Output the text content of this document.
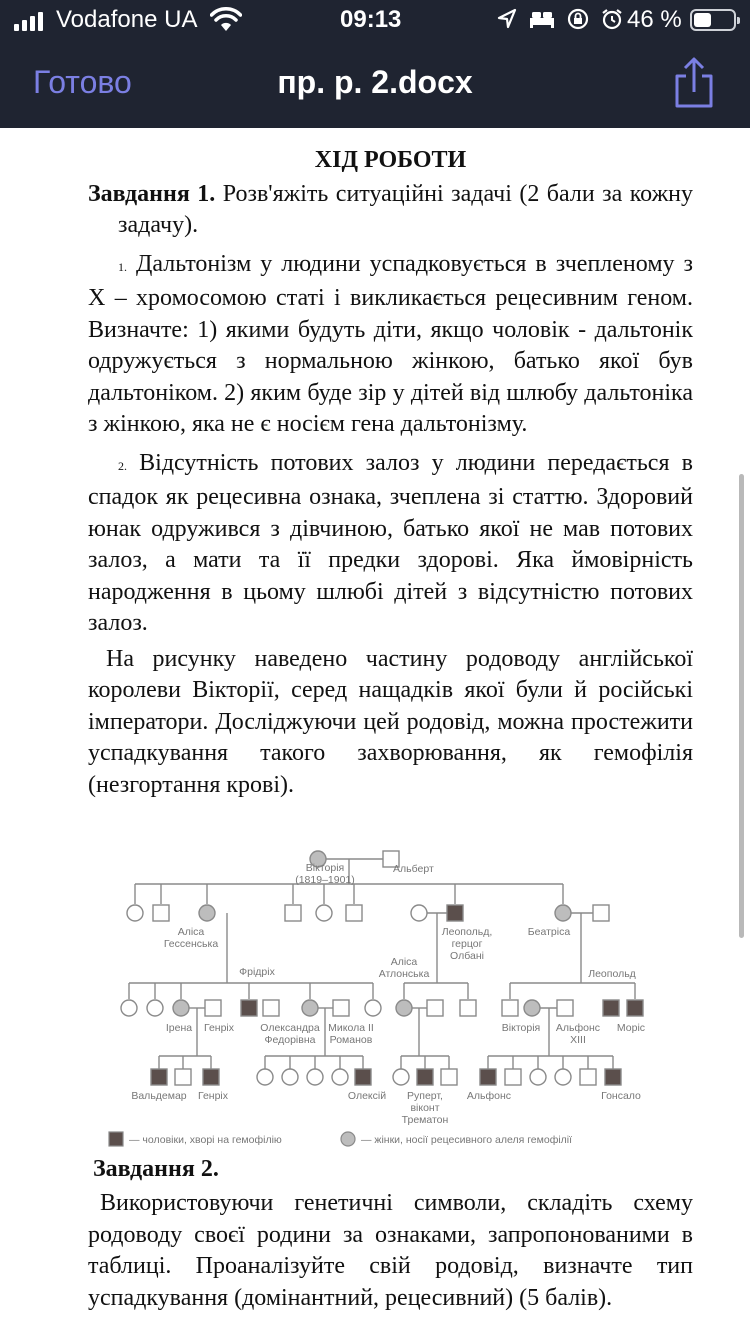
Vodafone UA	09:13	46 %
Готово	пр. р. 2.docx
ХІД РОБОТИ

Завдання 1. Розв'яжіть ситуаційні задачі (2 бали за кожну задачу).

1. Дальтонізм у людини успадковується в зчепленому з Х – хромосомою статі і викликається рецесивним геном. Визначте: 1) якими будуть діти, якщо чоловік - дальтонік одружується з нормальною жінкою, батько якої був дальтоніком. 2) яким буде зір у дітей від шлюбу дальтоніка з жінкою, яка не є носієм гена дальтонізму.

2. Відсутність потових залоз у людини передається в спадок як рецесивна ознака, зчеплена зі статтю. Здоровий юнак одружився з дівчиною, батько якої не мав потових залоз, а мати та її предки здорові. Яка ймовірність народження в цьому шлюбі дітей з відсутністю потових залоз.

На рисунку наведено частину родоводу англійської королеви Вікторії, серед нащадків якої були й російські імператори. Досліджуючи цей родовід, можна простежити успадкування такого захворювання, як гемофілія (незгортання крові).

Вікторія
(1819–1901)
Альберт
Аліса
Гессенська
Леопольд,
герцог
Олбані
Беатріса
Фрідріх
Аліса
Атлонська	Леопольд
Ірена Генріх	Олександра
Федорівна
Микола ІІ
Романов
Вікторія Альфонс
XIII
Моріс
Вальдемар Генріх	Олексій Руперт,
віконт
Трематон
Альфонс	Гонсало
— чоловіки, хворі на гемофілію	— жінки, носії рецесивного алеля гемофілії
Завдання 2.

Використовуючи генетичні символи, складіть схему родоводу своєї родини за ознаками, запропонованими в таблиці. Проаналізуйте свій родовід, визначте тип успадкування (домінантний, рецесивний) (5 балів).
